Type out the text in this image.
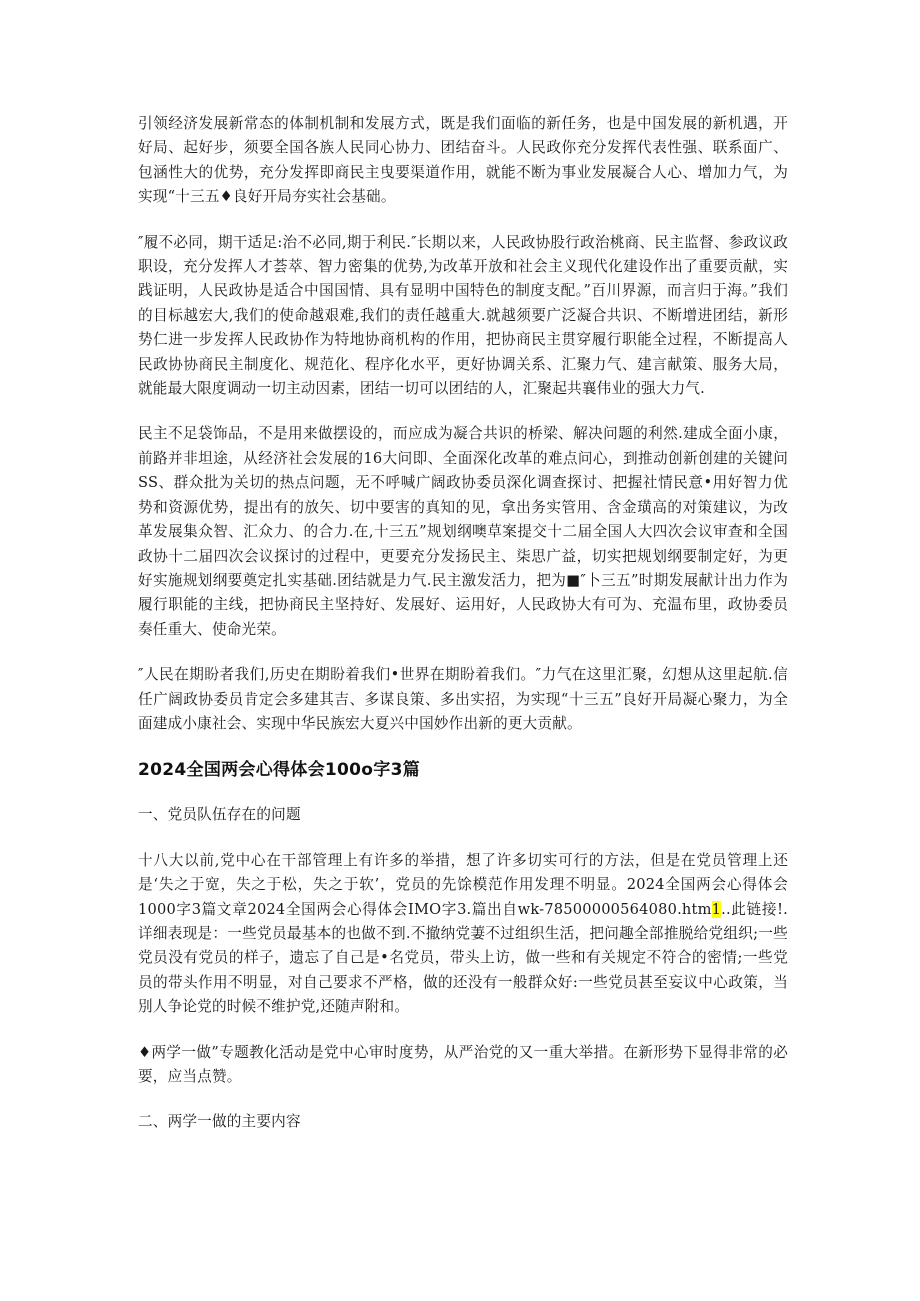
引领经济发展新常态的体制机制和发展方式，既是我们面临的新任务，也是中国发展的新机遇，开好局、起好步，须要全国各族人民同心协力、团结奋斗。人民政你充分发挥代表性强、联系面广、包涵性大的优势，充分发挥即商民主曳要渠道作用，就能不断为事业发展凝合人心、增加力气，为实现“十三五♦良好开局夯实社会基础。

″履不必同，期干适足:治不必同,期于利民.″长期以来，人民政协股行政治桃商、民主监督、参政议政职设，充分发挥人才荟萃、智力密集的优势,为改革开放和社会主义现代化建设作出了重要贡献，实践证明，人民政协是适合中国国情、具有显明中国特色的制度支配。”百川界源，而言归于海。”我们的目标越宏大,我们的使命越艰难,我们的责任越重大.就越须要广泛凝合共识、不断增进团结，新形势仁进一步发挥人民政协作为特地协商机构的作用，把协商民主贯穿履行职能全过程，不断提高人民政协协商民主制度化、规范化、程序化水平，更好协调关系、汇聚力气、建言献策、服务大局，就能最大限度调动一切主动因素，团结一切可以团结的人，汇聚起共襄伟业的强大力气.

民主不足袋饰品，不是用来做摆设的，而应成为凝合共识的桥梁、解决问题的利然.建成全面小康，前路并非坦途，从经济社会发展的16大问即、全面深化改革的难点问心，到推动创新创建的关键问SS、群众批为关切的热点问题，无不呼喊广阔政协委员深化调查探讨、把握社情民意•用好智力优势和资源优势，提出有的放矢、切中要害的真知的见，拿出务实管用、含金璜高的对策建议，为改革发展集众智、汇众力、的合力.在,十三五”规划纲噢草案提交十二届全国人大四次会议审查和全国政协十二届四次会议探讨的过程中，更要充分发扬民主、柒思广益，切实把规划纲要制定好，为更好实施规划纲要奠定扎实基础.团结就是力气.民主激发活力，把为■″卜三五”时期发展献计出力作为履行职能的主线，把协商民主坚持好、发展好、运用好，人民政协大有可为、充温布里，政协委员奏任重大、使命光荣。

″人民在期盼者我们,历史在期盼着我们•世界在期盼着我们。″力气在这里汇聚，幻想从这里起航.信任广阔政协委员肯定会多建其吉、多谋良策、多出实招，为实现“十三五”良好开局凝心聚力，为全面建成小康社会、实现中华民族宏大夏兴中国妙作出新的更大贡献。

2024全国两会心得体会100o字3篇

一、党员队伍存在的问题

十八大以前,党中心在干部管理上有许多的举措，想了许多切实可行的方法，但是在党员管理上还是‘失之于宽，失之于松，失之于软’，党员的先馀模范作用发理不明显。2024全国两会心得体会1000字3篇文章2024全国两会心得体会IMO字3.篇出自wk-78500000564080.htm1..此链接!.详细表现是：一些党员最基本的也做不到.不撤纳党萋不过组织生活，把问趣全部推脱给党组织;一些党员没有党员的样子，遗忘了自己是•名党员，带头上访，做一些和有关规定不符合的密情;一些党员的带头作用不明显，对自己要求不严格，做的还没有一般群众好:一些党员甚至妄议中心政策，当別人争论党的时候不维护党,还随声附和。

♦两学一做”专题教化活动是党中心审时度势，从严治党的又一重大举措。在新形势下显得非常的必要，应当点赞。

二、两学一做的主要内容
